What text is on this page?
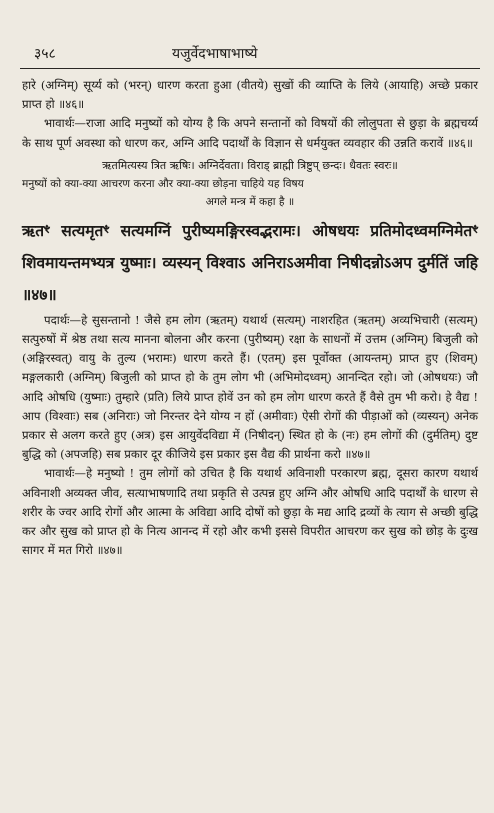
३५८	यजुर्वेदभाषाभाष्ये

हारे (अग्निम्) सूर्य्य को (भरन्) धारण करता हुआ (वीतये) सुखों की व्याप्ति के लिये (आयाहि) अच्छे प्रकार प्राप्त हो ॥४६॥

भावार्थः—राजा आदि मनुष्यों को योग्य है कि अपने सन्तानों को विषयों की लोलुपता से छुड़ा के ब्रह्मचर्य्य के साथ पूर्ण अवस्था को धारण कर, अग्नि आदि पदार्थों के विज्ञान से धर्मयुक्त व्यवहार की उन्नति करावें ॥४६॥

ऋतमित्यस्य त्रित ऋषिः। अग्निर्देवता। विराड् ब्राह्मी त्रिष्टुप् छन्दः। धैवतः स्वरः॥

मनुष्यों को क्या-क्या आचरण करना और क्या-क्या छोड़ना चाहिये यह विषय

अगले मन्त्र में कहा है ॥

ऋतꣳ सत्यमृतꣳ सत्यमग्निं पुरीष्यमङ्गिरस्वद्भरामः। ओषधयः प्रतिमोदध्वमग्निमेतꣳ शिवमायन्तमभ्यत्र युष्माः। व्यस्यन् विश्वाऽ अनिराऽअमीवा निषीदन्नोऽअप दुर्मतिं जहि ॥४७॥

पदार्थः—हे सुसन्तानो ! जैसे हम लोग (ऋतम्) यथार्थ (सत्यम्) नाशरहित (ऋतम्) अव्यभिचारी (सत्यम्) सत्पुरुषों में श्रेष्ठ तथा सत्य मानना बोलना और करना (पुरीष्यम्) रक्षा के साधनों में उत्तम (अग्निम्) बिजुली को (अङ्गिरस्वत्) वायु के तुल्य (भरामः) धारण करते हैं। (एतम्) इस पूर्वोक्त (आयन्तम्) प्राप्त हुए (शिवम्) मङ्गलकारी (अग्निम्) बिजुली को प्राप्त हो के तुम लोग भी (अभिमोदध्वम्) आनन्दित रहो। जो (ओषधयः) जौ आदि ओषधि (युष्माः) तुम्हारे (प्रति) लिये प्राप्त होवें उन को हम लोग धारण करते हैं वैसे तुम भी करो। हे वैद्य ! आप (विश्वाः) सब (अनिराः) जो निरन्तर देने योग्य न हों (अमीवाः) ऐसी रोगों की पीड़ाओं को (व्यस्यन्) अनेक प्रकार से अलग करते हुए (अत्र) इस आयुर्वेदविद्या में (निषीदन्) स्थित हो के (नः) हम लोगों की (दुर्मतिम्) दुष्ट बुद्धि को (अपजहि) सब प्रकार दूर कीजिये इस प्रकार इस वैद्य की प्रार्थना करो ॥४७॥

भावार्थः—हे मनुष्यो ! तुम लोगों को उचित है कि यथार्थ अविनाशी परकारण ब्रह्म, दूसरा कारण यथार्थ अविनाशी अव्यक्त जीव, सत्याभाषणादि तथा प्रकृति से उत्पन्न हुए अग्नि और ओषधि आदि पदार्थों के धारण से शरीर के ज्वर आदि रोगों और आत्मा के अविद्या आदि दोषों को छुड़ा के मद्य आदि द्रव्यों के त्याग से अच्छी बुद्धि कर और सुख को प्राप्त हो के नित्य आनन्द में रहो और कभी इससे विपरीत आचरण कर सुख को छोड़ के दुःख सागर में मत गिरो ॥४७॥
